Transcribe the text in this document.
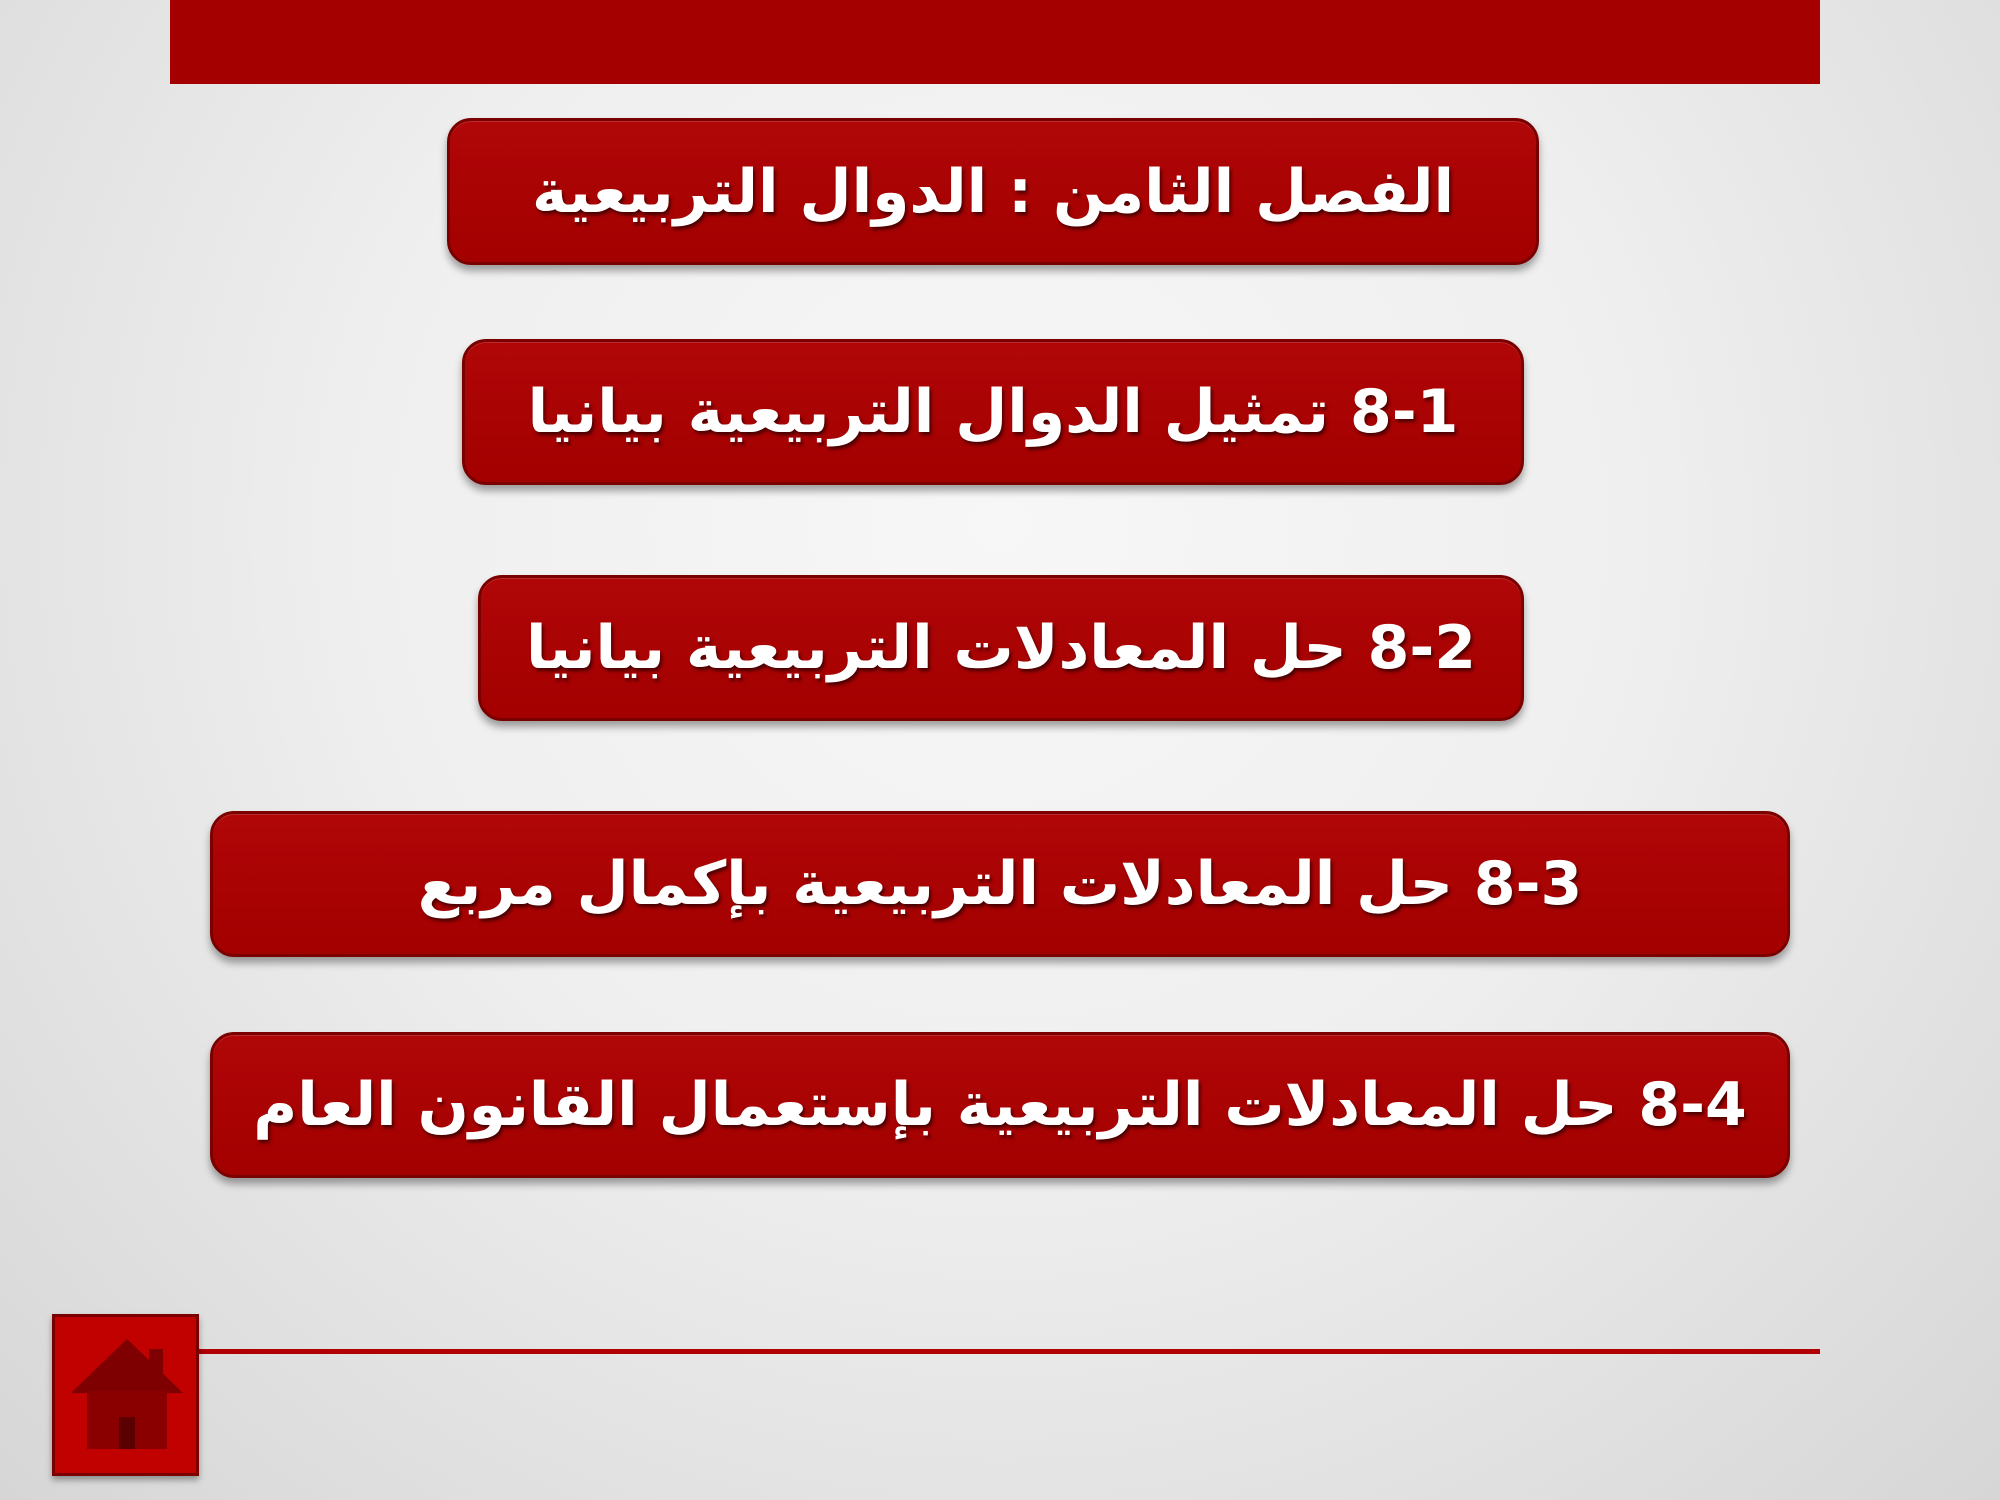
الفصل الثامن : الدوال التربيعية
8-1 تمثيل الدوال التربيعية بيانيا
8-2 حل المعادلات التربيعية بيانيا
8-3 حل المعادلات التربيعية بإكمال مربع
8-4 حل المعادلات التربيعية بإستعمال القانون العام
